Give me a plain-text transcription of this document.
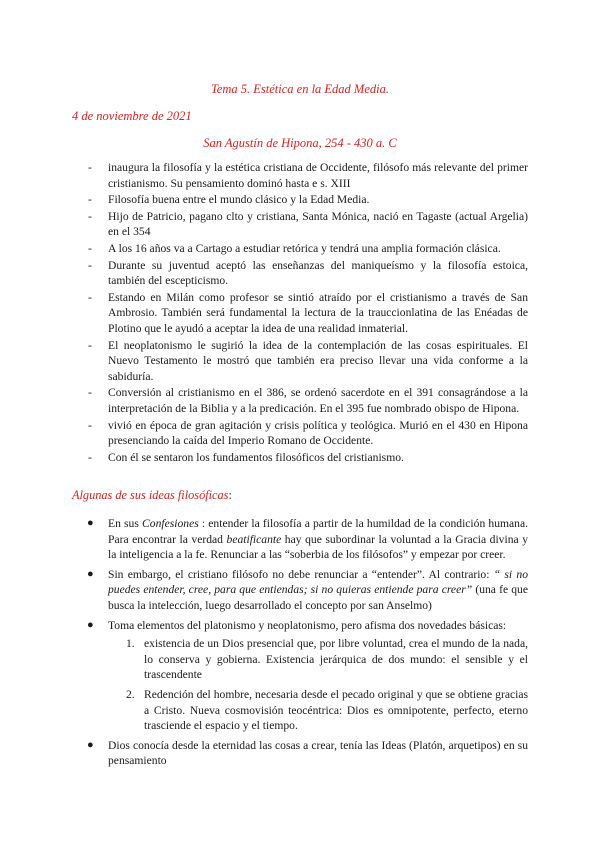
Tema 5. Estética en la Edad Media.
4 de noviembre de 2021
San Agustín de Hipona, 254 - 430 a. C
- inaugura la filosofía y la estética cristiana de Occidente, filósofo más relevante del primer cristianismo. Su pensamiento dominó hasta e s. XIII
- Filosofía buena entre el mundo clásico y la Edad Media.
- Hijo de Patricio, pagano clto y cristiana, Santa Mónica, nació en Tagaste (actual Argelia) en el 354
- A los 16 años va a Cartago a estudiar retórica y tendrá una amplia formación clásica.
- Durante su juventud aceptó las enseñanzas del maniqueísmo y la filosofía estoica, también del escepticismo.
- Estando en Milán como profesor se sintió atraído por el cristianismo a través de San Ambrosio. También será fundamental la lectura de la trauccionlatina de las Enéadas de Plotino que le ayudó a aceptar la idea de una realidad inmaterial.
- El neoplatonismo le sugirió la idea de la contemplación de las cosas espirituales. El Nuevo Testamento le mostró que también era preciso llevar una vida conforme a la sabiduría.
- Conversión al cristianismo en el 386, se ordenó sacerdote en el 391 consagrándose a la interpretación de la Biblia y a la predicación. En el 395 fue nombrado obispo de Hipona.
- vivió en época de gran agitación y crisis política y teológica. Murió en el 430 en Hipona presenciando la caída del Imperio Romano de Occidente.
- Con él se sentaron los fundamentos filosóficos del cristianismo.
Algunas de sus ideas filosóficas:
● En sus Confesiones : entender la filosofía a partir de la humildad de la condición humana. Para encontrar la verdad beatificante hay que subordinar la voluntad a la Gracia divina y la inteligencia a la fe. Renunciar a las “soberbia de los filósofos” y empezar por creer.
● Sin embargo, el cristiano filósofo no debe renunciar a “entender”. Al contrario: “ si no puedes entender, cree, para que entiendas; si no quieras entiende para creer” (una fe que busca la intelección, luego desarrollado el concepto por san Anselmo)
● Toma elementos del platonismo y neoplatonismo, pero afisma dos novedades básicas:
1. existencia de un Dios presencial que, por libre voluntad, crea el mundo de la nada, lo conserva y gobierna. Existencia jerárquica de dos mundo: el sensible y el trascendente
2. Redención del hombre, necesaria desde el pecado original y que se obtiene gracias a Cristo. Nueva cosmovisión teocéntrica: Dios es omnipotente, perfecto, eterno trasciende el espacio y el tiempo.
● Dios conocía desde la eternidad las cosas a crear, tenía las Ideas (Platón, arquetipos) en su pensamiento
